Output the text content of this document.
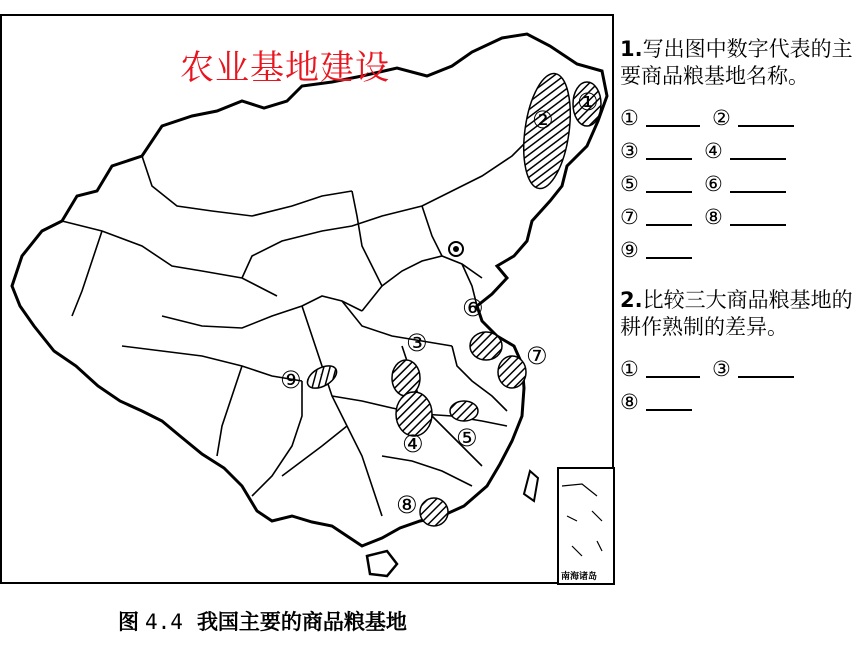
①
②
③
④ ⑤
⑥
⑦
⑧
⑨
南海诸岛
农业基地建设
图 4.4 我国主要的商品粮基地

1.写出图中数字代表的主要商品粮基地名称。

①	②
③	④
⑤	⑥
⑦	⑧
⑨

2.比较三大商品粮基地的耕作熟制的差异。

①	③
⑧
